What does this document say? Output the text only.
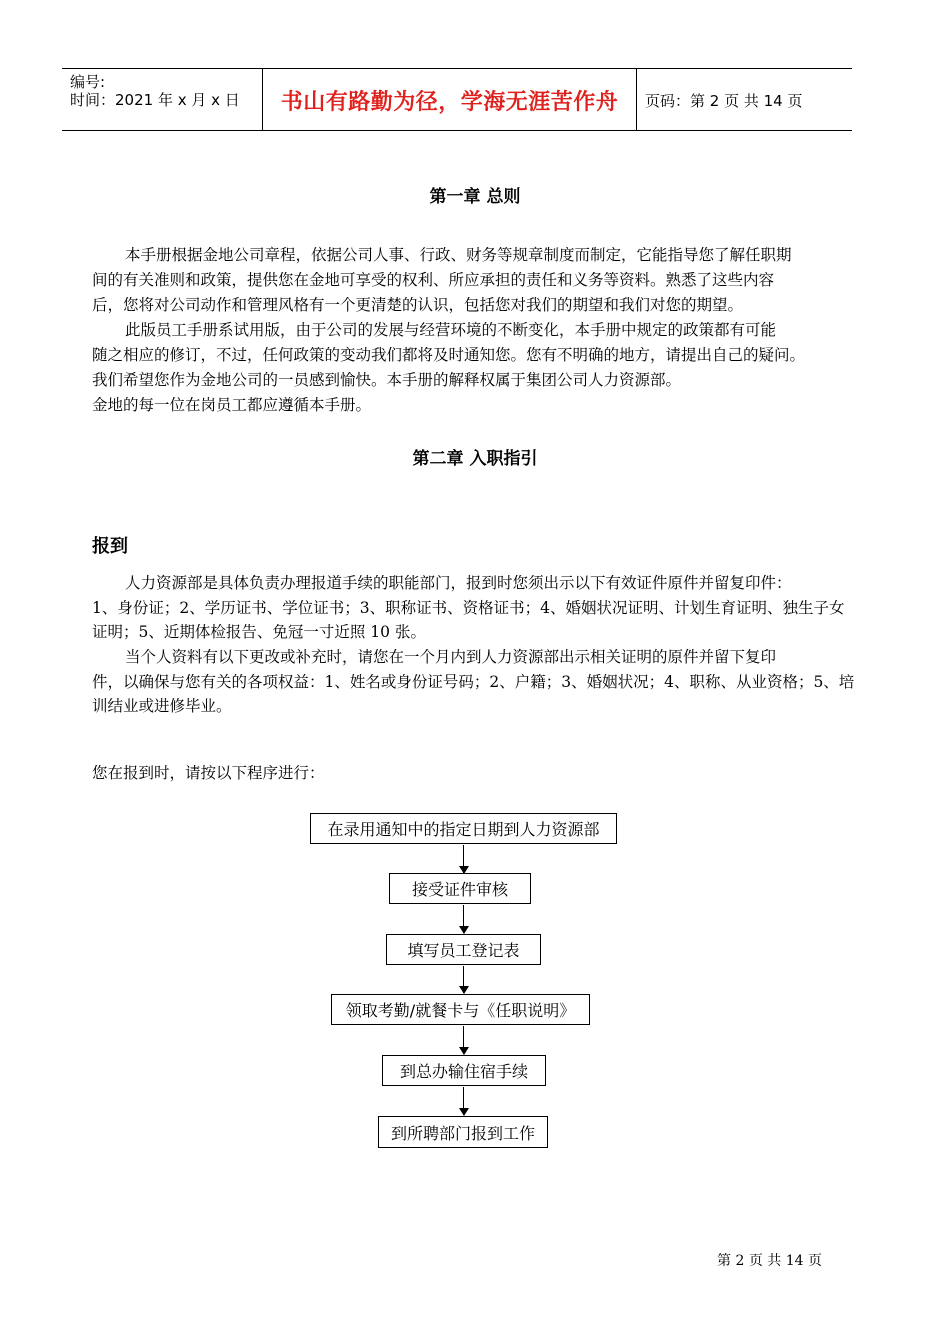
编号:
时间：2021 年 x 月 x 日	书山有路勤为径，学海无涯苦作舟	页码：第 2 页 共 14 页
第一章 总则
本手册根据金地公司章程，依据公司人事、行政、财务等规章制度而制定，它能指导您了解任职期
间的有关准则和政策，提供您在金地可享受的权利、所应承担的责任和义务等资料。熟悉了这些内容
后，您将对公司动作和管理风格有一个更清楚的认识，包括您对我们的期望和我们对您的期望。
此版员工手册系试用版，由于公司的发展与经营环境的不断变化，本手册中规定的政策都有可能
随之相应的修订，不过，任何政策的变动我们都将及时通知您。您有不明确的地方，请提出自己的疑问。
我们希望您作为金地公司的一员感到愉快。本手册的解释权属于集团公司人力资源部。
金地的每一位在岗员工都应遵循本手册。
第二章 入职指引
报到
人力资源部是具体负责办理报道手续的职能部门，报到时您须出示以下有效证件原件并留复印件：
1、身份证；2、学历证书、学位证书；3、职称证书、资格证书；4、婚姻状况证明、计划生育证明、独生子女
证明；5、近期体检报告、免冠一寸近照 10 张。
当个人资料有以下更改或补充时，请您在一个月内到人力资源部出示相关证明的原件并留下复印
件，以确保与您有关的各项权益：1、姓名或身份证号码；2、户籍；3、婚姻状况；4、职称、从业资格；5、培
训结业或进修毕业。
您在报到时，请按以下程序进行：
在录用通知中的指定日期到人力资源部
接受证件审核
填写员工登记表
领取考勤/就餐卡与《任职说明》
到总办输住宿手续
到所聘部门报到工作
第 2 页 共 14 页
